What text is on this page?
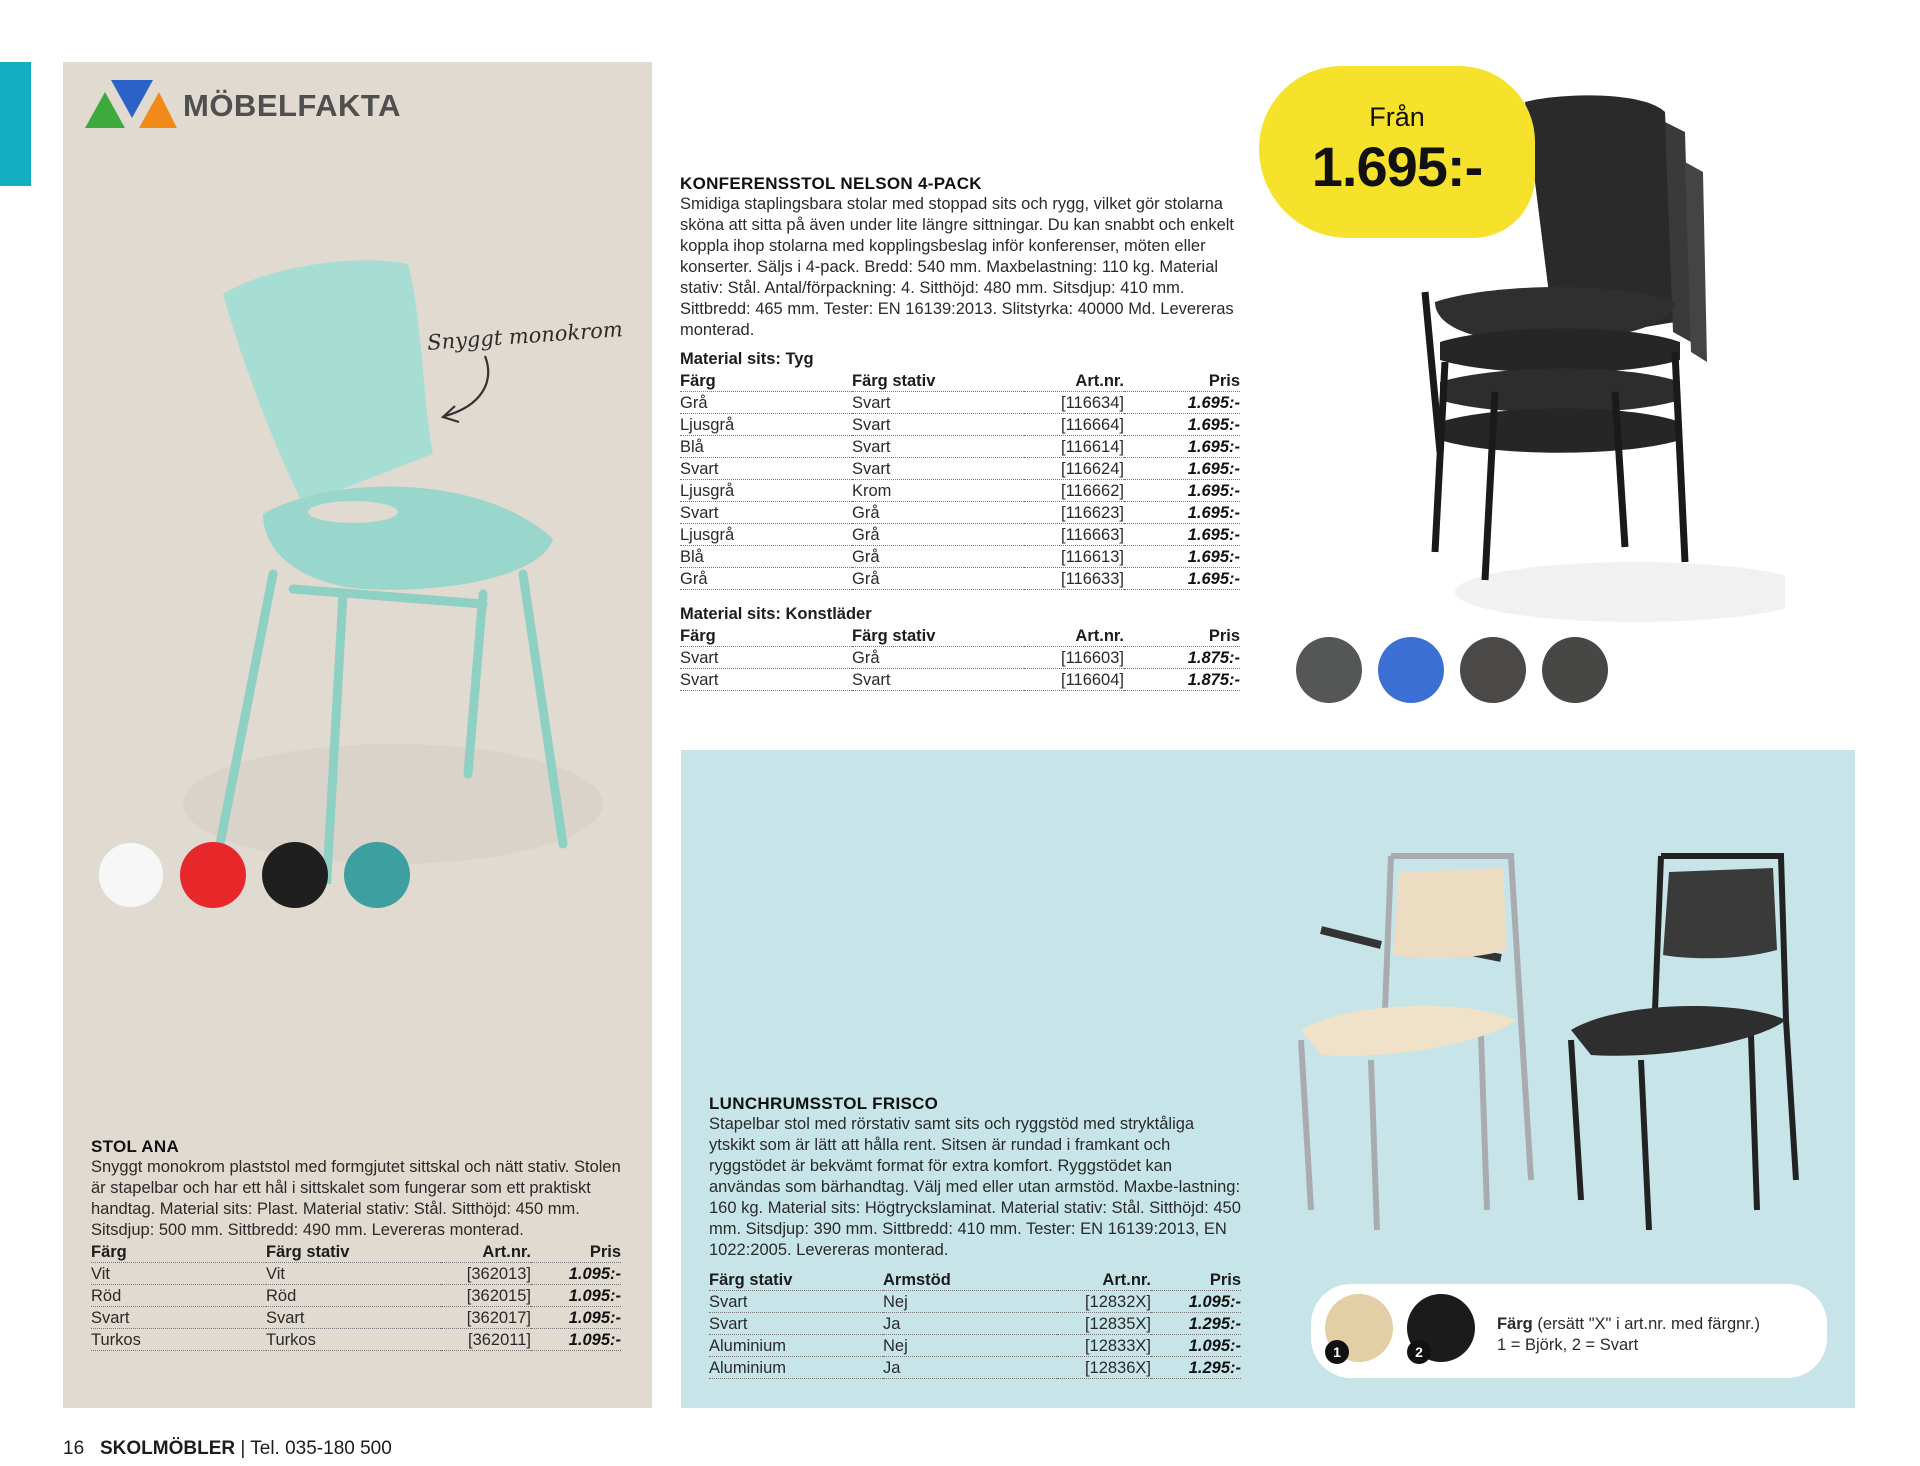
MÖBELFAKTA
Snyggt monokrom
STOL ANA
Snyggt monokrom plaststol med formgjutet sittskal och nätt stativ. Stolen är stapelbar och har ett hål i sittskalet som fungerar som ett praktiskt handtag. Material sits: Plast. Material stativ: Stål. Sitthöjd: 450 mm. Sitsdjup: 500 mm. Sittbredd: 490 mm. Levereras monterad.
Färg	Färg stativ	Art.nr.	Pris
Vit	Vit	[362013]	1.095:-
Röd	Röd	[362015]	1.095:-
Svart	Svart	[362017]	1.095:-
Turkos	Turkos	[362011]	1.095:-
KONFERENSSTOL NELSON 4-PACK
Smidiga staplingsbara stolar med stoppad sits och rygg, vilket gör stolarna sköna att sitta på även under lite längre sittningar. Du kan snabbt och enkelt koppla ihop stolarna med kopplingsbeslag inför konferenser, möten eller konserter. Säljs i 4-pack. Bredd: 540 mm. Maxbelastning: 110 kg. Material stativ: Stål. Antal/förpackning: 4. Sitthöjd: 480 mm. Sitsdjup: 410 mm. Sittbredd: 465 mm. Tester: EN 16139:2013. Slitstyrka: 40000 Md. Levereras monterad.
Material sits: Tyg
Färg	Färg stativ	Art.nr.	Pris
Grå	Svart	[116634]	1.695:-
Ljusgrå	Svart	[116664]	1.695:-
Blå	Svart	[116614]	1.695:-
Svart	Svart	[116624]	1.695:-
Ljusgrå	Krom	[116662]	1.695:-
Svart	Grå	[116623]	1.695:-
Ljusgrå	Grå	[116663]	1.695:-
Blå	Grå	[116613]	1.695:-
Grå	Grå	[116633]	1.695:-
Material sits: Konstläder
Färg	Färg stativ	Art.nr.	Pris
Svart	Grå	[116603]	1.875:-
Svart	Svart	[116604]	1.875:-
Från
1.695:-
LUNCHRUMSSTOL FRISCO
Stapelbar stol med rörstativ samt sits och ryggstöd med stryktåliga ytskikt som är lätt att hålla rent. Sitsen är rundad i framkant och ryggstödet är bekvämt format för extra komfort. Ryggstödet kan användas som bärhandtag. Välj med eller utan armstöd. Maxbe-lastning: 160 kg. Material sits: Högtryckslaminat. Material stativ: Stål. Sitthöjd: 450 mm. Sitsdjup: 390 mm. Sittbredd: 410 mm. Tester: EN 16139:2013, EN 1022:2005. Levereras monterad.
Färg stativ	Armstöd	Art.nr.	Pris
Svart	Nej	[12832X]	1.095:-
Svart	Ja	[12835X]	1.295:-
Aluminium	Nej	[12833X]	1.095:-
Aluminium	Ja	[12836X]	1.295:-
1	2
Färg (ersätt "X" i art.nr. med färgnr.)
1 = Björk, 2 = Svart
16 SKOLMÖBLER | Tel. 035-180 500
